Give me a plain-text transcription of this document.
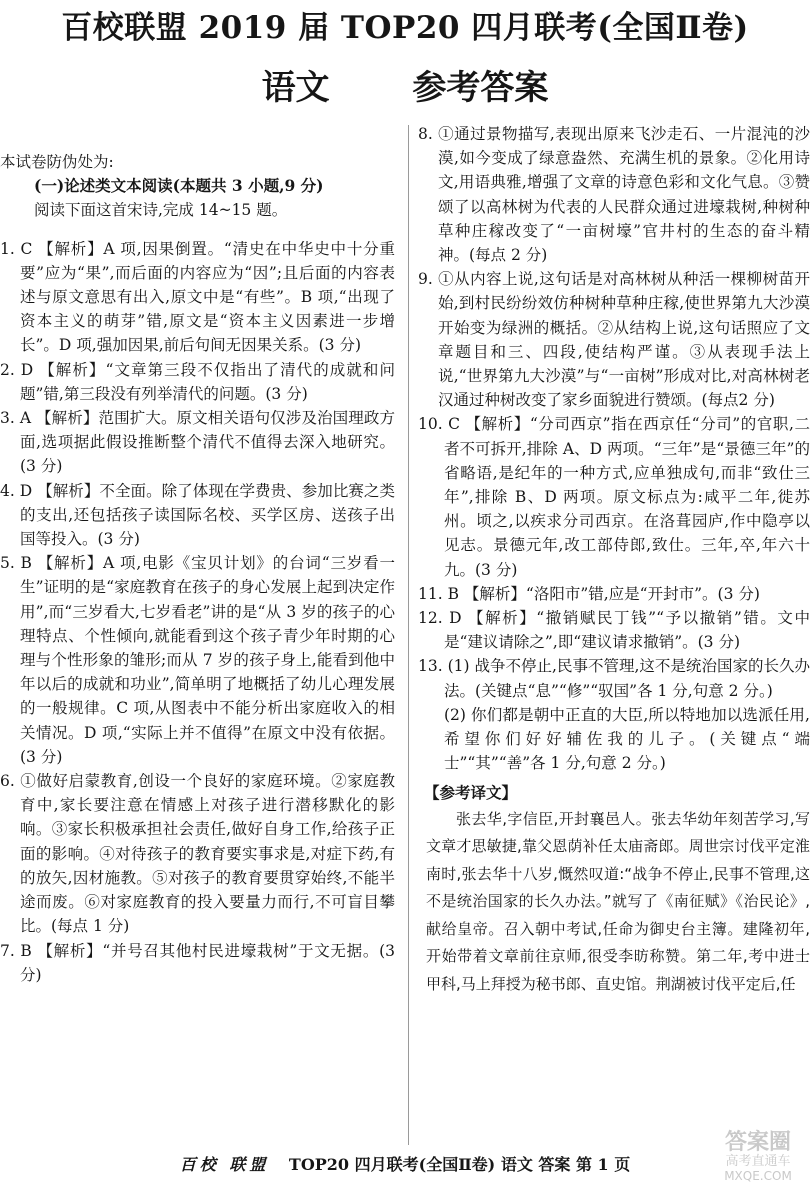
百校联盟 2019 届 TOP20 四月联考(全国Ⅱ卷)
语文       参考答案

本试卷防伪处为:

(一)论述类文本阅读(本题共 3 小题,9 分)

阅读下面这首宋诗,完成 14~15 题。

1. C 【解析】A 项,因果倒置。“清史在中华史中十分重要”应为“果”,而后面的内容应为“因”;且后面的内容表述与原文意思有出入,原文中是“有些”。B 项,“出现了资本主义的萌芽”错,原文是“资本主义因素进一步增长”。D 项,强加因果,前后句间无因果关系。(3 分)

2. D 【解析】“文章第三段不仅指出了清代的成就和问题”错,第三段没有列举清代的问题。(3 分)

3. A 【解析】范围扩大。原文相关语句仅涉及治国理政方面,选项据此假设推断整个清代不值得去深入地研究。(3 分)

4. D 【解析】不全面。除了体现在学费贵、参加比赛之类的支出,还包括孩子读国际名校、买学区房、送孩子出国等投入。(3 分)

5. B 【解析】A 项,电影《宝贝计划》的台词“三岁看一生”证明的是“家庭教育在孩子的身心发展上起到决定作用”,而“三岁看大,七岁看老”讲的是“从 3 岁的孩子的心理特点、个性倾向,就能看到这个孩子青少年时期的心理与个性形象的雏形;而从 7 岁的孩子身上,能看到他中年以后的成就和功业”,简单明了地概括了幼儿心理发展的一般规律。C 项,从图表中不能分析出家庭收入的相关情况。D 项,“实际上并不值得”在原文中没有依据。(3 分)

6. ①做好启蒙教育,创设一个良好的家庭环境。②家庭教育中,家长要注意在情感上对孩子进行潜移默化的影响。③家长积极承担社会责任,做好自身工作,给孩子正面的影响。④对待孩子的教育要实事求是,对症下药,有的放矢,因材施教。⑤对孩子的教育要贯穿始终,不能半途而废。⑥对家庭教育的投入要量力而行,不可盲目攀比。(每点 1 分)

7. B 【解析】“并号召其他村民进壕栽树”于文无据。(3 分)

8. ①通过景物描写,表现出原来飞沙走石、一片混沌的沙漠,如今变成了绿意盎然、充满生机的景象。②化用诗文,用语典雅,增强了文章的诗意色彩和文化气息。③赞颂了以高林树为代表的人民群众通过进壕栽树,种树种草种庄稼改变了“一亩树壕”官井村的生态的奋斗精神。(每点 2 分)

9. ①从内容上说,这句话是对高林树从种活一棵柳树苗开始,到村民纷纷效仿种树种草种庄稼,使世界第九大沙漠开始变为绿洲的概括。②从结构上说,这句话照应了文章题目和三、四段,使结构严谨。③从表现手法上说,“世界第九大沙漠”与“一亩树”形成对比,对高林树老汉通过种树改变了家乡面貌进行赞颂。(每点2 分)

10. C 【解析】“分司西京”指在西京任“分司”的官职,二者不可拆开,排除 A、D 两项。“三年”是“景德三年”的省略语,是纪年的一种方式,应单独成句,而非“致仕三年”,排除 B、D 两项。原文标点为:咸平二年,徙苏州。顷之,以疾求分司西京。在洛葺园庐,作中隐亭以见志。景德元年,改工部侍郎,致仕。三年,卒,年六十九。(3 分)

11. B 【解析】“洛阳市”错,应是“开封市”。(3 分)

12. D 【解析】“撤销赋民丁钱”“予以撤销”错。文中是“建议请除之”,即“建议请求撤销”。(3 分)

13. (1) 战争不停止,民事不管理,这不是统治国家的长久办法。(关键点“息”“修”“驭国”各 1 分,句意 2 分。)

(2) 你们都是朝中正直的大臣,所以特地加以选派任用,希望你们好好辅佐我的儿子。(关键点“端士”“其”“善”各 1 分,句意 2 分。)

【参考译文】

张去华,字信臣,开封襄邑人。张去华幼年刻苦学习,写文章才思敏捷,靠父恩荫补任太庙斋郎。周世宗讨伐平定淮南时,张去华十八岁,慨然叹道:“战争不停止,民事不管理,这不是统治国家的长久办法。”就写了《南征赋》《治民论》,献给皇帝。召入朝中考试,任命为御史台主簿。建隆初年,开始带着文章前往京师,很受李昉称赞。第二年,考中进士甲科,马上拜授为秘书郎、直史馆。荆湖被讨伐平定后,任

百校 联盟 TOP20 四月联考(全国Ⅱ卷) 语文 答案 第 1 页
答案圈
高考直通车
MXQE.COM
